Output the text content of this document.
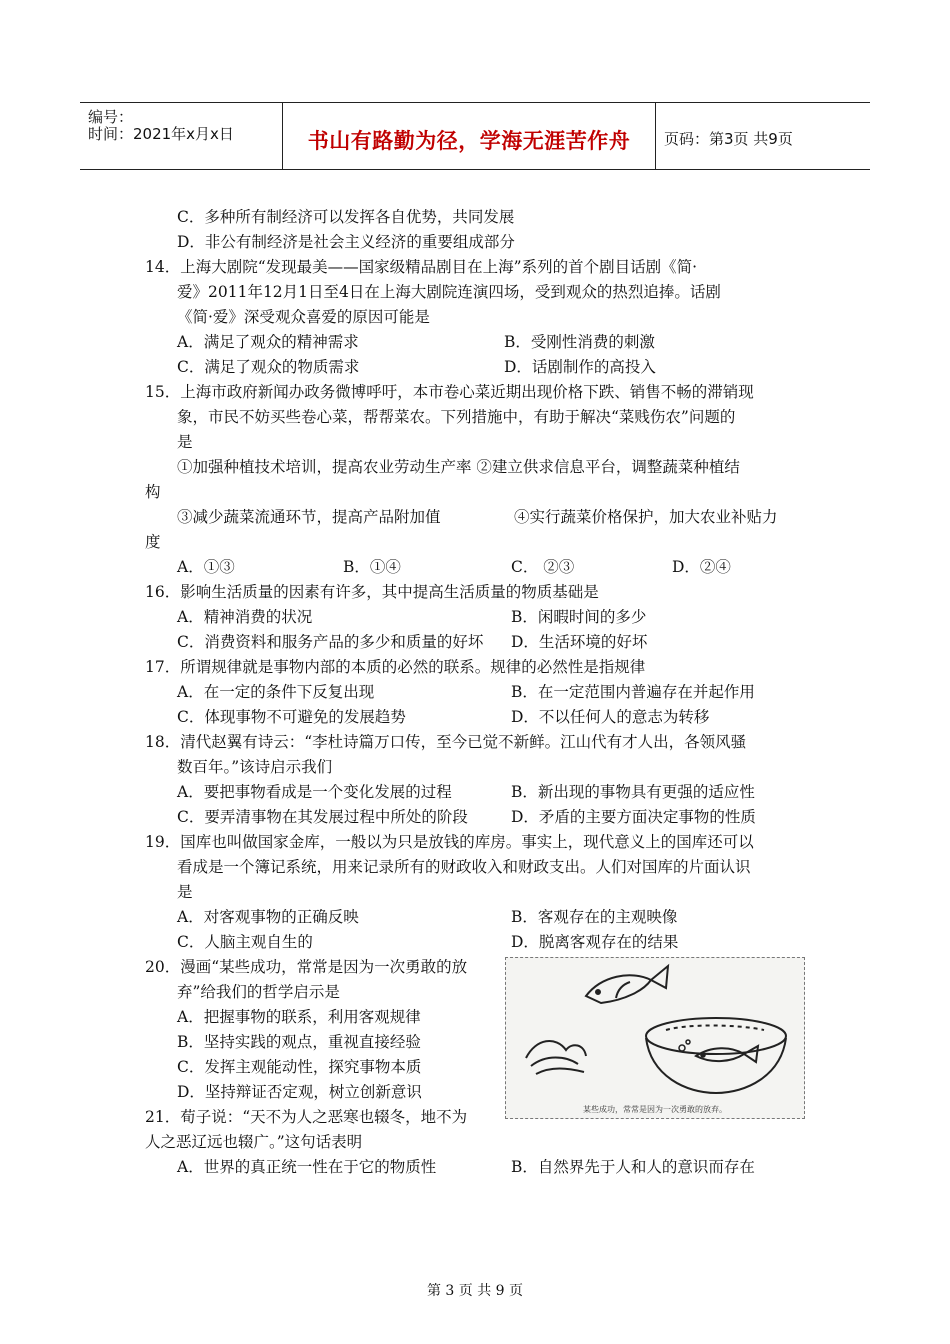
编号：
时间：2021年x月x日	书山有路勤为径，学海无涯苦作舟	页码：第3页 共9页
C．多种所有制经济可以发挥各自优势，共同发展
D．非公有制经济是社会主义经济的重要组成部分
14．上海大剧院“发现最美——国家级精品剧目在上海”系列的首个剧目话剧《简·
爱》2011年12月1日至4日在上海大剧院连演四场，受到观众的热烈追捧。话剧
《简·爱》深受观众喜爱的原因可能是
A．满足了观众的精神需求	B．受刚性消费的刺激
C．满足了观众的物质需求	D．话剧制作的高投入
15．上海市政府新闻办政务微博呼吁，本市卷心菜近期出现价格下跌、销售不畅的滞销现
象，市民不妨买些卷心菜，帮帮菜农。下列措施中，有助于解决“菜贱伤农”问题的
是
①加强种植技术培训，提高农业劳动生产率 ②建立供求信息平台，调整蔬菜种植结
构
③减少蔬菜流通环节，提高产品附加值	④实行蔬菜价格保护，加大农业补贴力
度
A．①③	B．①④	C． ②③	D．②④
16．影响生活质量的因素有许多，其中提高生活质量的物质基础是
A．精神消费的状况	B．闲暇时间的多少
C．消费资料和服务产品的多少和质量的好坏 D．生活环境的好坏
17．所谓规律就是事物内部的本质的必然的联系。规律的必然性是指规律
A．在一定的条件下反复出现	B．在一定范围内普遍存在并起作用
C．体现事物不可避免的发展趋势	D．不以任何人的意志为转移
18．清代赵翼有诗云：“李杜诗篇万口传，至今已觉不新鲜。江山代有才人出，各领风骚
数百年。”该诗启示我们
A．要把事物看成是一个变化发展的过程	B．新出现的事物具有更强的适应性
C．要弄清事物在其发展过程中所处的阶段	D．矛盾的主要方面决定事物的性质
19．国库也叫做国家金库，一般以为只是放钱的库房。事实上，现代意义上的国库还可以
看成是一个簿记系统，用来记录所有的财政收入和财政支出。人们对国库的片面认识
是
A．对客观事物的正确反映	B．客观存在的主观映像
C．人脑主观自生的	D．脱离客观存在的结果
20．漫画“某些成功，常常是因为一次勇敢的放
弃”给我们的哲学启示是
A．把握事物的联系，利用客观规律
B．坚持实践的观点，重视直接经验
C．发挥主观能动性，探究事物本质
D．坚持辩证否定观，树立创新意识
21．荀子说：“天不为人之恶寒也辍冬，地不为
人之恶辽远也辍广。”这句话表明
A．世界的真正统一性在于它的物质性	B．自然界先于人和人的意识而存在
某些成功，常常是因为一次勇敢的放弃。
第 3 页 共 9 页
